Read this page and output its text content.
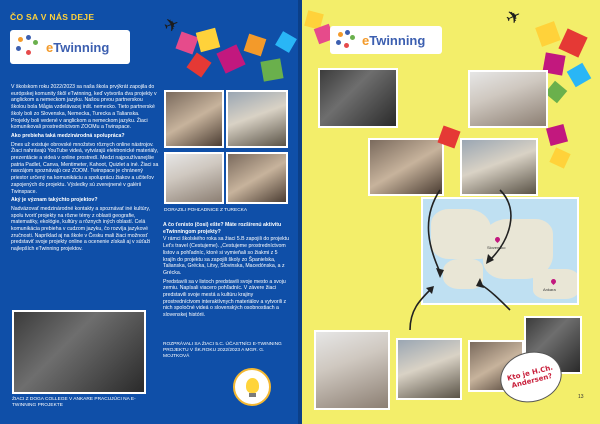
ČO SA V NÁS DEJE	✈
eTwinning

V školskom roku 2022/2023 sa naša škola prvýkrát zapojila do európskej komunity škôl eTwinning, keď vytvorila dva projekty v anglickom a nemeckom jazyku. Našou prvou partnerskou školou bola Mågia vzdelávacej inšt. nemecko. Tieto partnerské školy boli zo Slovenska, Nemecka, Turecka a Talianska. Projekty boli vedené v anglickom a nemeckom jazyku. Žiaci komunikovali prostredníctvom ZOOMu a Twinspace.

Ako prebieha taká medzinárodná spolupráca?

Dnes už existuje obrovské množstvo rôznych online nástrojov. Žiaci nahrávajú YouTube videá, vytvárajú elektronické materiály, prezentácie a videá v online prostredí. Medzi najpoužívanejšie patria Padlet, Canva, Mentimeter, Kahoot, Quizlet a iné. Žiaci sa navzájom spoznávajú cez ZOOM. Twinspace je chránený priestor určený na komunikáciu a spoluprácu žiakov a učiteľov zapojených do projektu. Výsledky sú zverejnené v galérii Twinspace.

Aký je význam takýchto projektov?

Nadväzovať medzinárodné kontakty a spoznávať iné kultúry, spolu tvoriť projekty na rôzne témy z oblasti geografie, matematiky, ekológie, kultúry a rôznych iných oblastí. Celá komunikácia prebieha v cudzom jazyku, čo rozvíja jazykové zručnosti. Napríklad aj na škole v Česku mali žiaci možnosť predstaviť svoje projekty online a ocenenie získali aj v súťaži najlepších eTwinning projektov.

ŽIACI Z DOGA COLLEGE V ANKARE PRACUJÚCI NA E-TWINNING PROJEKTE
DORAZILI POHĽADNICE Z TURECKA

A čo ťenisto (čosi) ešte? Máte rozšírenú aktivitu eTwinningom projekty?

V rámci školského roka sa žiaci 5.B zapojili do projektu Let's travel (Cestujeme). „Cestujeme prostredníctvom listov a pohľadníc, ktoré si vymieňali so žiakmi z 5 krajín do projektu sa zapojili školy zo Španielska, Talianska, Grécka, Litvy, Slovinska, Macedónska, a z Grécka.

Predstavili sa v listoch predstavili svoje mesto a svoju zemiu. Napísali viacero pohľadníc. V závere žiaci predstavili svoje mestá a kultúru krajiny prostredníctvom interaktívnych materiálov a vytvorili z nich spoločné videá o slovenských osobnostiach a slovenskej histórii.

ROZPRÁVALI SA ŽIACI 5.C. ÚČASTNÍCI E-TWINNING PROJEKTU V ŠK.ROKU 2022/2023 A MGR. G. MOJTKOVÁ
✈
eTwinning
Ankara
Slovensko
Kto je H.Ch. Andersen?
13
